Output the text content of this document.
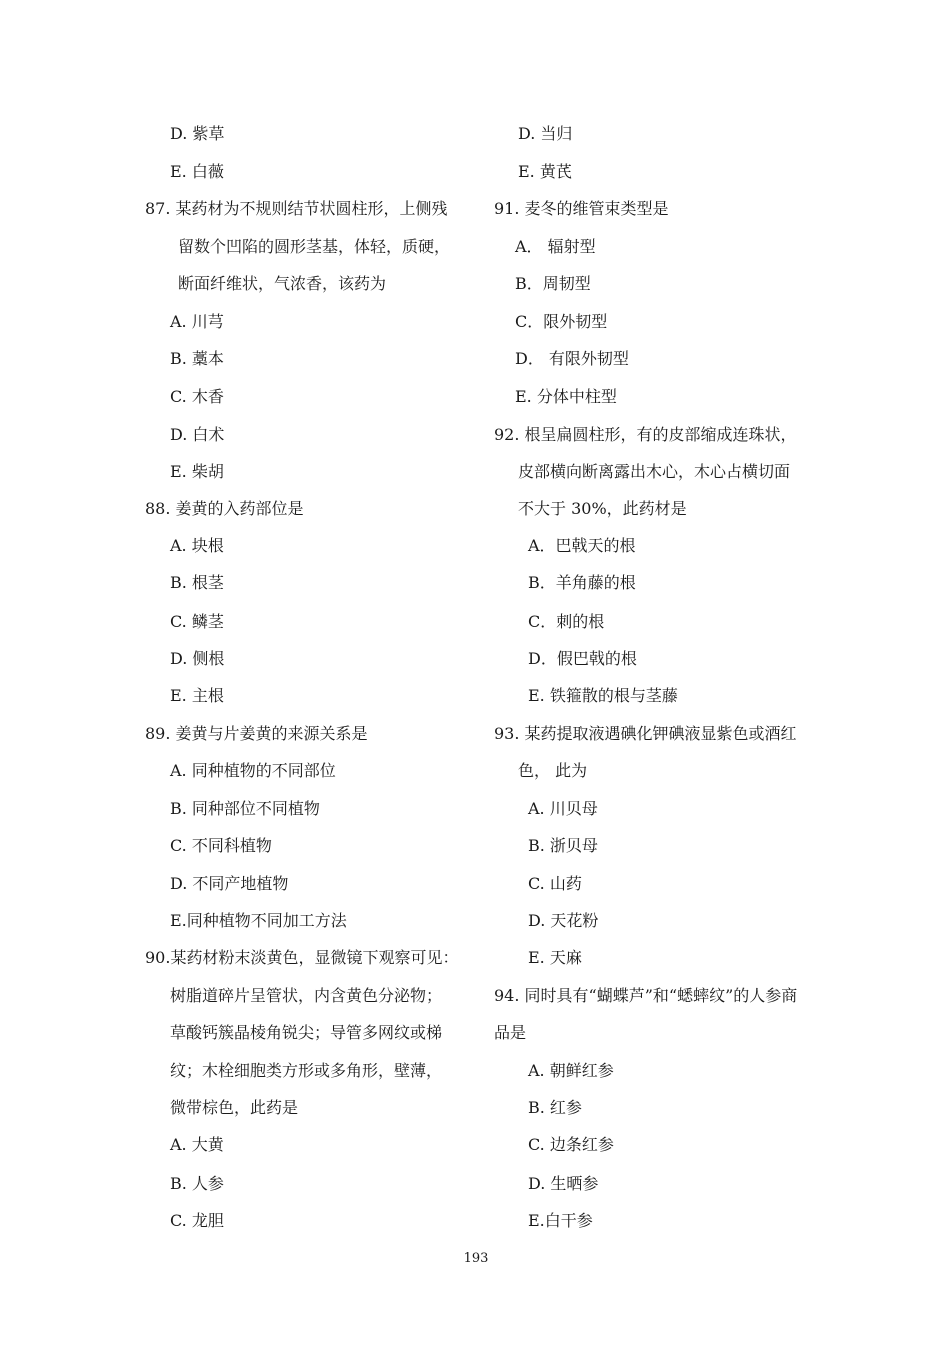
D. 紫草
E. 白薇
87. 某药材为不规则结节状圆柱形，上侧残
留数个凹陷的圆形茎基，体轻，质硬，
断面纤维状，气浓香，该药为
A. 川芎
B. 藁本
C. 木香
D. 白术
E. 柴胡
88. 姜黄的入药部位是
A. 块根
B. 根茎
C. 鳞茎
D. 侧根
E. 主根
89. 姜黄与片姜黄的来源关系是
A. 同种植物的不同部位
B. 同种部位不同植物
C. 不同科植物
D. 不同产地植物
E.同种植物不同加工方法
90.某药材粉末淡黄色，显微镜下观察可见：
树脂道碎片呈管状，内含黄色分泌物；
草酸钙簇晶棱角锐尖；导管多网纹或梯
纹；木栓细胞类方形或多角形，壁薄，
微带棕色，此药是
A. 大黄
B. 人参
C. 龙胆
D. 当归
E. 黄芪
91. 麦冬的维管束类型是
A． 辐射型
B．周韧型
C．限外韧型
D． 有限外韧型
E. 分体中柱型
92. 根呈扁圆柱形，有的皮部缩成连珠状，
皮部横向断离露出木心，木心占横切面
不大于 30%，此药材是
A．巴戟天的根
B．羊角藤的根
C．刺的根
D．假巴戟的根
E. 铁箍散的根与茎藤
93. 某药提取液遇碘化钾碘液显紫色或酒红
色， 此为
A. 川贝母
B. 浙贝母
C. 山药
D. 天花粉
E. 天麻
94. 同时具有“蝴蝶芦”和“蟋蟀纹”的人参商
品是
A. 朝鲜红参
B. 红参
C. 边条红参
D. 生晒参
E.白干参
193
